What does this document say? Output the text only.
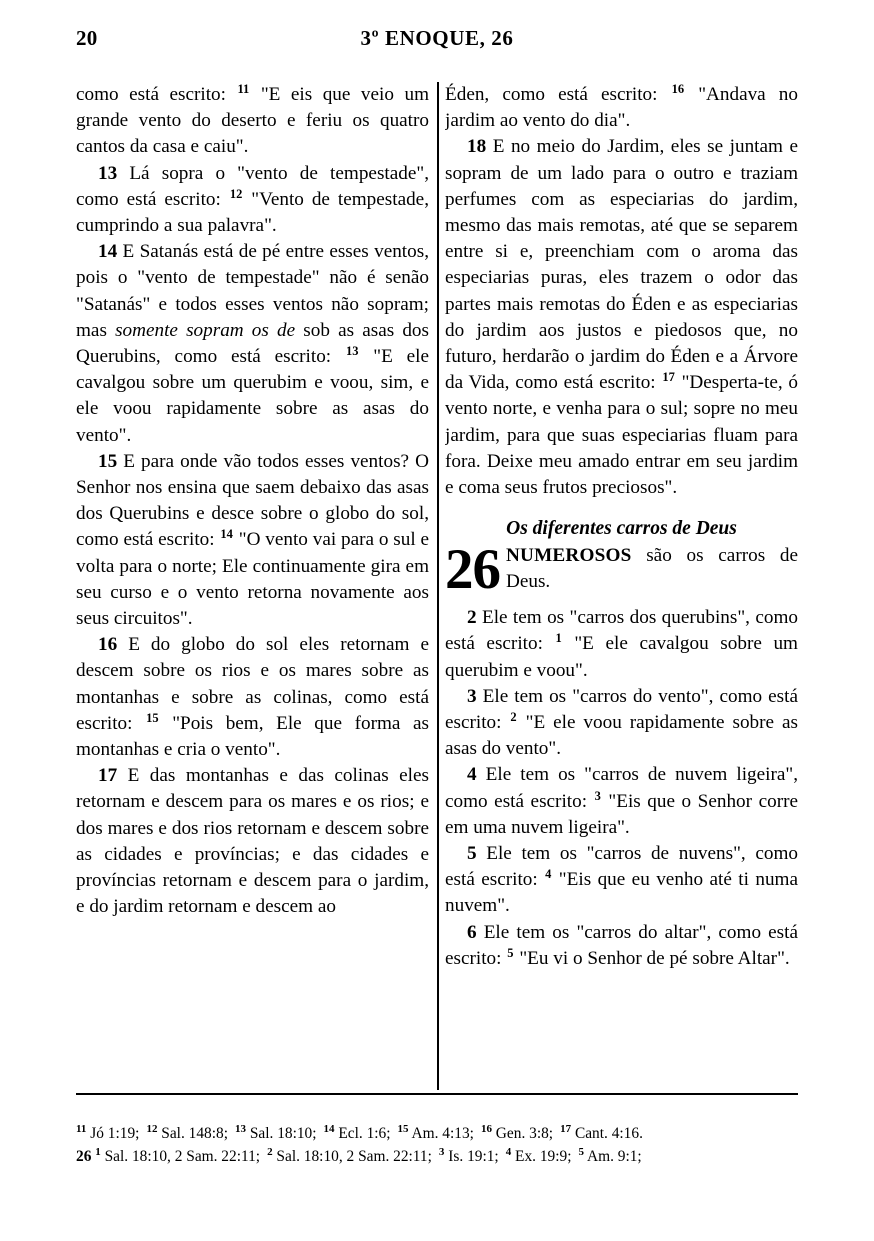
20	3º ENOQUE, 26

como está escrito: $^{11}$ "E eis que veio um grande vento do deserto e feriu os quatro cantos da casa e caiu".

13 Lá sopra o "vento de tempestade", como está escrito: $^{12}$ "Vento de tempestade, cumprindo a sua palavra".

14 E Satanás está de pé entre esses ventos, pois o "vento de tempestade" não é senão "Satanás" e todos esses ventos não sopram; mas somente sopram os de sob as asas dos Querubins, como está escrito: $^{13}$ "E ele cavalgou sobre um querubim e voou, sim, e ele voou rapidamente sobre as asas do vento".

15 E para onde vão todos esses ventos? O Senhor nos ensina que saem debaixo das asas dos Querubins e desce sobre o globo do sol, como está escrito: $^{14}$ "O vento vai para o sul e volta para o norte; Ele continuamente gira em seu curso e o vento retorna novamente aos seus circuitos".

16 E do globo do sol eles retornam e descem sobre os rios e os mares sobre as montanhas e sobre as colinas, como está escrito: $^{15}$ "Pois bem, Ele que forma as montanhas e cria o vento".

17 E das montanhas e das colinas eles retornam e descem para os mares e os rios; e dos mares e dos rios retornam e descem sobre as cidades e províncias; e das cidades e províncias retornam e descem para o jardim, e do jardim retornam e descem ao

Éden, como está escrito: $^{16}$ "Andava no jardim ao vento do dia".

18 E no meio do Jardim, eles se juntam e sopram de um lado para o outro e traziam perfumes com as especiarias do jardim, mesmo das mais remotas, até que se separem entre si e, preenchiam com o aroma das especiarias puras, eles trazem o odor das partes mais remotas do Éden e as especiarias do jardim aos justos e piedosos que, no futuro, herdarão o jardim do Éden e a Árvore da Vida, como está escrito: $^{17}$ "Desperta-te, ó vento norte, e venha para o sul; sopre no meu jardim, para que suas especiarias fluam para fora. Deixe meu amado entrar em seu jardim e coma seus frutos preciosos".

Os diferentes carros de Deus

26 NUMEROSOS são os carros de Deus.

2 Ele tem os "carros dos querubins", como está escrito: $^1$ "E ele cavalgou sobre um querubim e voou".

3 Ele tem os "carros do vento", como está escrito: $^2$ "E ele voou rapidamente sobre as asas do vento".

4 Ele tem os "carros de nuvem ligeira", como está escrito: $^3$ "Eis que o Senhor corre em uma nuvem ligeira".

5 Ele tem os "carros de nuvens", como está escrito: $^4$ "Eis que eu venho até ti numa nuvem".

6 Ele tem os "carros do altar", como está escrito: $^5$ "Eu vi o Senhor de pé sobre Altar".

$^{11}$ Jó 1:19; $^{12}$ Sal. 148:8; $^{13}$ Sal. 18:10; $^{14}$ Ecl. 1:6; $^{15}$ Am. 4:13; $^{16}$ Gen. 3:8; $^{17}$ Cant. 4:16.
26 $^1$ Sal. 18:10, 2 Sam. 22:11; $^2$ Sal. 18:10, 2 Sam. 22:11; $^3$ Is. 19:1; $^4$ Ex. 19:9; $^5$ Am. 9:1;
